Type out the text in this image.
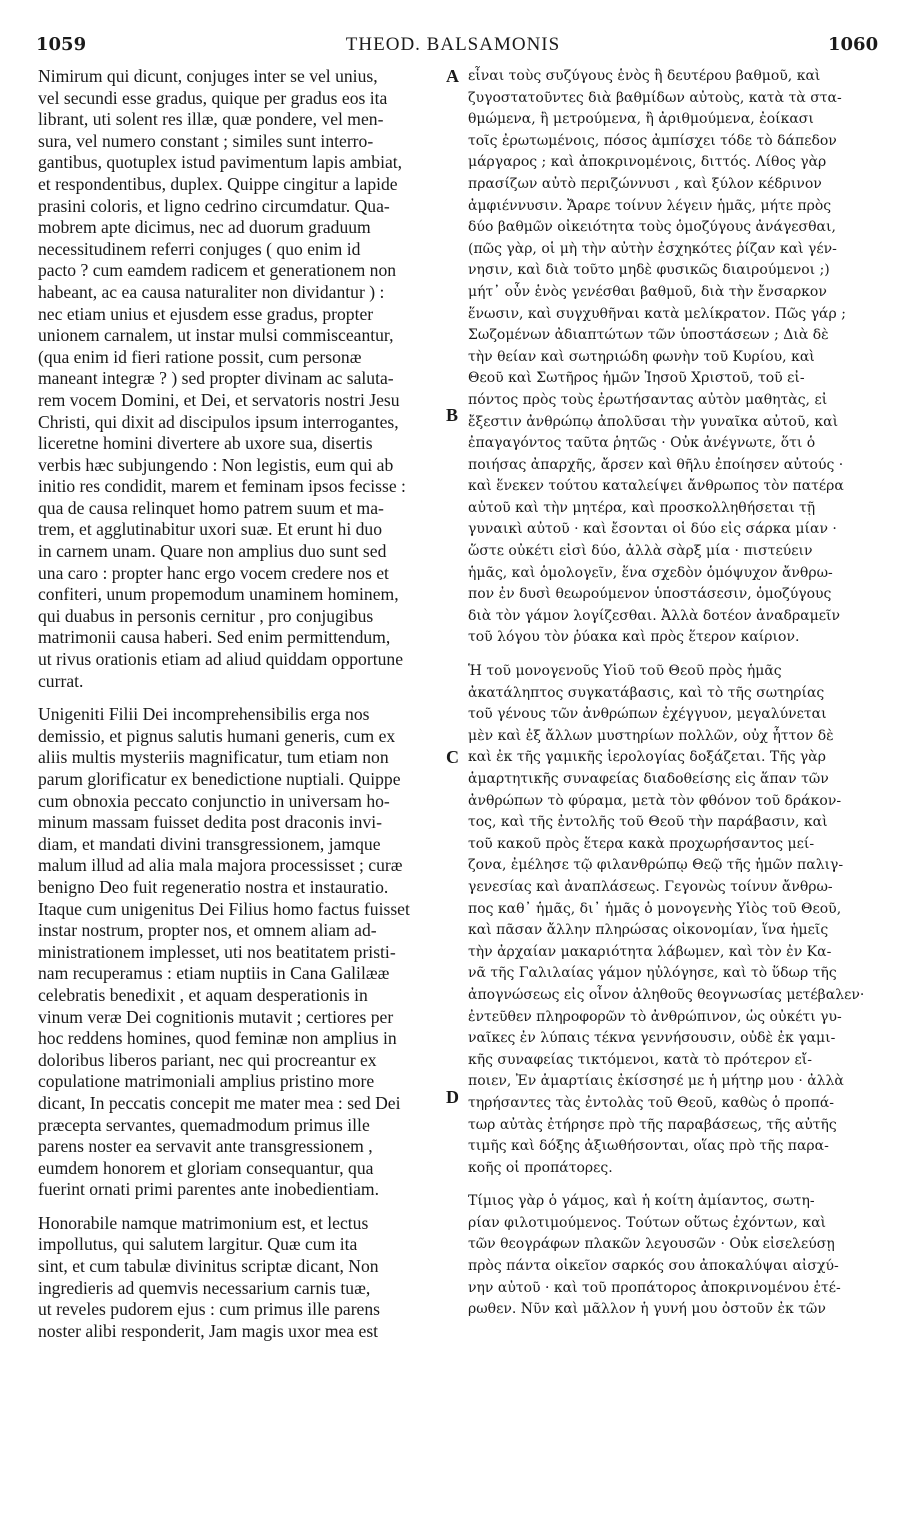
1059	THEOD. BALSAMONIS	1060
Nimirum qui dicunt, conjuges inter se vel unius,
vel secundi esse gradus, quique per gradus eos ita
librant, uti solent res illæ, quæ pondere, vel men-
sura, vel numero constant ; similes sunt interro-
gantibus, quotuplex istud pavimentum lapis ambiat,
et respondentibus, duplex. Quippe cingitur a lapide
prasini coloris, et ligno cedrino circumdatur. Qua-
mobrem apte dicimus, nec ad duorum graduum
necessitudinem referri conjuges ( quo enim id
pacto ? cum eamdem radicem et generationem non
habeant, ac ea causa naturaliter non dividantur ) :
nec etiam unius et ejusdem esse gradus, propter
unionem carnalem, ut instar mulsi commisceantur,
(qua enim id fieri ratione possit, cum personæ
maneant integræ ? ) sed propter divinam ac saluta-
rem vocem Domini, et Dei, et servatoris nostri Jesu
Christi, qui dixit ad discipulos ipsum interrogantes,
liceretne homini divertere ab uxore sua, disertis
verbis hæc subjungendo : Non legistis, eum qui ab
initio res condidit, marem et feminam ipsos fecisse :
qua de causa relinquet homo patrem suum et ma-
trem, et agglutinabitur uxori suæ. Et erunt hi duo
in carnem unam. Quare non amplius duo sunt sed
una caro : propter hanc ergo vocem credere nos et
confiteri, unum propemodum unaminem hominem,
qui duabus in personis cernitur , pro conjugibus
matrimonii causa haberi. Sed enim permittendum,
ut rivus orationis etiam ad aliud quiddam opportune
currat.
Unigeniti Filii Dei incomprehensibilis erga nos
demissio, et pignus salutis humani generis, cum ex
aliis multis mysteriis magnificatur, tum etiam non
parum glorificatur ex benedictione nuptiali. Quippe
cum obnoxia peccato conjunctio in universam ho-
minum massam fuisset dedita post draconis invi-
diam, et mandati divini transgressionem, jamque
malum illud ad alia mala majora processisset ; curæ
benigno Deo fuit regeneratio nostra et instauratio.
Itaque cum unigenitus Dei Filius homo factus fuisset
instar nostrum, propter nos, et omnem aliam ad-
ministrationem implesset, uti nos beatitatem pristi-
nam recuperamus : etiam nuptiis in Cana Galilææ
celebratis benedixit , et aquam desperationis in
vinum veræ Dei cognitionis mutavit ; certiores per
hoc reddens homines, quod feminæ non amplius in
doloribus liberos pariant, nec qui procreantur ex
copulatione matrimoniali amplius pristino more
dicant, In peccatis concepit me mater mea : sed Dei
præcepta servantes, quemadmodum primus ille
parens noster ea servavit ante transgressionem ,
eumdem honorem et gloriam consequantur, qua
fuerint ornati primi parentes ante inobedientiam.
Honorabile namque matrimonium est, et lectus
impollutus, qui salutem largitur. Quæ cum ita
sint, et cum tabulæ divinitus scriptæ dicant, Non
ingredieris ad quemvis necessarium carnis tuæ,
ut reveles pudorem ejus : cum primus ille parens
noster alibi responderit, Jam magis uxor mea est
εἶναι τοὺς συζύγους ἑνὸς ἢ δευτέρου βαθμοῦ, καὶ
ζυγοστατοῦντες διὰ βαθμίδων αὐτοὺς, κατὰ τὰ στα-
θμώμενα, ἢ μετρούμενα, ἢ ἀριθμούμενα, ἐοίκασι
τοῖς ἐρωτωμένοις, πόσος ἀμπίσχει τόδε τὸ δάπεδον
μάργαρος ; καὶ ἀποκρινομένοις, διττός. Λίθος γὰρ
πρασίζων αὐτὸ περιζώννυσι , καὶ ξύλον κέδρινον
ἀμφιέννυσιν. Ἄραρε τοίνυν λέγειν ἡμᾶς, μήτε πρὸς
δύο βαθμῶν οἰκειότητα τοὺς ὁμοζύγους ἀνάγεσθαι,
(πῶς γὰρ, οἱ μὴ τὴν αὐτὴν ἐσχηκότες ῥίζαν καὶ γέν-
νησιν, καὶ διὰ τοῦτο μηδὲ φυσικῶς διαιρούμενοι ;)
μήτ᾽ οὖν ἑνὸς γενέσθαι βαθμοῦ, διὰ τὴν ἔνσαρκον
ἕνωσιν, καὶ συγχυθῆναι κατὰ μελίκρατον. Πῶς γάρ ;
Σωζομένων ἀδιαπτώτων τῶν ὑποστάσεων ; Διὰ δὲ
τὴν θείαν καὶ σωτηριώδη φωνὴν τοῦ Κυρίου, καὶ
Θεοῦ καὶ Σωτῆρος ἡμῶν Ἰησοῦ Χριστοῦ, τοῦ εἰ-
πόντος πρὸς τοὺς ἐρωτήσαντας αὐτὸν μαθητὰς, εἰ
ἔξεστιν ἀνθρώπῳ ἀπολῦσαι τὴν γυναῖκα αὐτοῦ, καὶ
ἐπαγαγόντος ταῦτα ῥητῶς · Οὐκ ἀνέγνωτε, ὅτι ὁ
ποιήσας ἀπαρχῆς, ἄρσεν καὶ θῆλυ ἐποίησεν αὐτούς ·
καὶ ἕνεκεν τούτου καταλείψει ἄνθρωπος τὸν πατέρα
αὐτοῦ καὶ τὴν μητέρα, καὶ προσκολληθήσεται τῇ
γυναικὶ αὐτοῦ · καὶ ἔσονται οἱ δύο εἰς σάρκα μίαν ·
ὥστε οὐκέτι εἰσὶ δύο, ἀλλὰ σὰρξ μία · πιστεύειν
ἡμᾶς, καὶ ὁμολογεῖν, ἕνα σχεδὸν ὁμόψυχον ἄνθρω-
πον ἐν δυσὶ θεωρούμενον ὑποστάσεσιν, ὁμοζύγους
διὰ τὸν γάμον λογίζεσθαι. Ἀλλὰ δοτέον ἀναδραμεῖν
τοῦ λόγου τὸν ῥύακα καὶ πρὸς ἕτερον καίριον.
Ἡ τοῦ μονογενοῦς Υἱοῦ τοῦ Θεοῦ πρὸς ἡμᾶς
ἀκατάληπτος συγκατάβασις, καὶ τὸ τῆς σωτηρίας
τοῦ γένους τῶν ἀνθρώπων ἐχέγγυον, μεγαλύνεται
μὲν καὶ ἐξ ἄλλων μυστηρίων πολλῶν, οὐχ ἧττον δὲ
καὶ ἐκ τῆς γαμικῆς ἱερολογίας δοξάζεται. Τῆς γὰρ
ἁμαρτητικῆς συναφείας διαδοθείσης εἰς ἅπαν τῶν
ἀνθρώπων τὸ φύραμα, μετὰ τὸν φθόνον τοῦ δράκον-
τος, καὶ τῆς ἐντολῆς τοῦ Θεοῦ τὴν παράβασιν, καὶ
τοῦ κακοῦ πρὸς ἕτερα κακὰ προχωρήσαντος μεί-
ζονα, ἐμέλησε τῷ φιλανθρώπῳ Θεῷ τῆς ἡμῶν παλιγ-
γενεσίας καὶ ἀναπλάσεως. Γεγονὼς τοίνυν ἄνθρω-
πος καθ᾽ ἡμᾶς, δι᾽ ἡμᾶς ὁ μονογενὴς Υἱὸς τοῦ Θεοῦ,
καὶ πᾶσαν ἄλλην πληρώσας οἰκονομίαν, ἵνα ἡμεῖς
τὴν ἀρχαίαν μακαριότητα λάβωμεν, καὶ τὸν ἐν Κα-
νᾶ τῆς Γαλιλαίας γάμον ηὐλόγησε, καὶ τὸ ὕδωρ τῆς
ἀπογνώσεως εἰς οἶνον ἀληθοῦς θεογνωσίας μετέβαλεν·
ἐντεῦθεν πληροφορῶν τὸ ἀνθρώπινον, ὡς οὐκέτι γυ-
ναῖκες ἐν λύπαις τέκνα γεννήσουσιν, οὐδὲ ἐκ γαμι-
κῆς συναφείας τικτόμενοι, κατὰ τὸ πρότερον εἴ-
ποιεν, Ἐν ἁμαρτίαις ἐκίσσησέ με ἡ μήτηρ μου · ἀλλὰ
τηρήσαντες τὰς ἐντολὰς τοῦ Θεοῦ, καθὼς ὁ προπά-
τωρ αὐτὰς ἐτήρησε πρὸ τῆς παραβάσεως, τῆς αὐτῆς
τιμῆς καὶ δόξης ἀξιωθήσονται, οἵας πρὸ τῆς παρα-
κοῆς οἱ προπάτορες.
Τίμιος γὰρ ὁ γάμος, καὶ ἡ κοίτη ἀμίαντος, σωτη-
ρίαν φιλοτιμούμενος. Τούτων οὕτως ἐχόντων, καὶ
τῶν θεογράφων πλακῶν λεγουσῶν · Οὐκ εἰσελεύσῃ
πρὸς πάντα οἰκεῖον σαρκός σου ἀποκαλύψαι αἰσχύ-
νην αὐτοῦ · καὶ τοῦ προπάτορος ἀποκρινομένου ἑτέ-
ρωθεν. Νῦν καὶ μᾶλλον ἡ γυνή μου ὀστοῦν ἐκ τῶν
A
B
C
D
